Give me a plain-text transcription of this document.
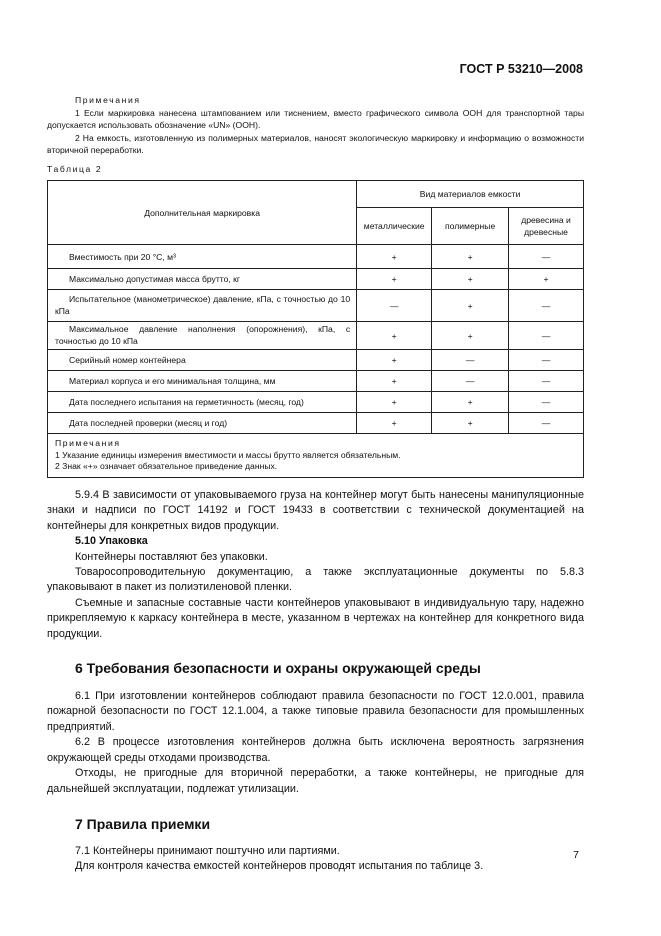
ГОСТ Р 53210—2008
Примечания
1 Если маркировка нанесена штампованием или тиснением, вместо графического символа ООН для транспортной тары допускается использовать обозначение «UN» (ООН).
2 На емкость, изготовленную из полимерных материалов, наносят экологическую маркировку и информацию о возможности вторичной переработки.
Таблица 2
Дополнительная маркировка	Вид материалов емкости		
	металлические	полимерные	древесина и древесные
Вместимость при 20 °С, м³	+	+	—
Максимально допустимая масса брутто, кг	+	+	+
Испытательное (манометрическое) давление, кПа, с точностью до 10 кПа	—	+	—
Максимальное давление наполнения (опорожнения), кПа, с точностью до 10 кПа	+	+	—
Серийный номер контейнера	+	—	—
Материал корпуса и его минимальная толщина, мм	+	—	—
Дата последнего испытания на герметичность (месяц, год)	+	+	—
Дата последней проверки (месяц и год)	+	+	—

Примечания
1 Указание единицы измерения вместимости и массы брутто является обязательным.
2 Знак «+» означает обязательное приведение данных.			
5.9.4 В зависимости от упаковываемого груза на контейнер могут быть нанесены манипуляционные знаки и надписи по ГОСТ 14192 и ГОСТ 19433 в соответствии с технической документацией на контейнеры для конкретных видов продукции.
5.10 Упаковка
Контейнеры поставляют без упаковки.
Товаросопроводительную документацию, а также эксплуатационные документы по 5.8.3 упаковывают в пакет из полиэтиленовой пленки.
Съемные и запасные составные части контейнеров упаковывают в индивидуальную тару, надежно прикрепляемую к каркасу контейнера в месте, указанном в чертежах на контейнер для конкретного вида продукции.
6 Требования безопасности и охраны окружающей среды
6.1 При изготовлении контейнеров соблюдают правила безопасности по ГОСТ 12.0.001, правила пожарной безопасности по ГОСТ 12.1.004, а также типовые правила безопасности для промышленных предприятий.
6.2 В процессе изготовления контейнеров должна быть исключена вероятность загрязнения окружающей среды отходами производства.
Отходы, не пригодные для вторичной переработки, а также контейнеры, не пригодные для дальнейшей эксплуатации, подлежат утилизации.
7 Правила приемки
7.1 Контейнеры принимают поштучно или партиями.
Для контроля качества емкостей контейнеров проводят испытания по таблице 3.
7
